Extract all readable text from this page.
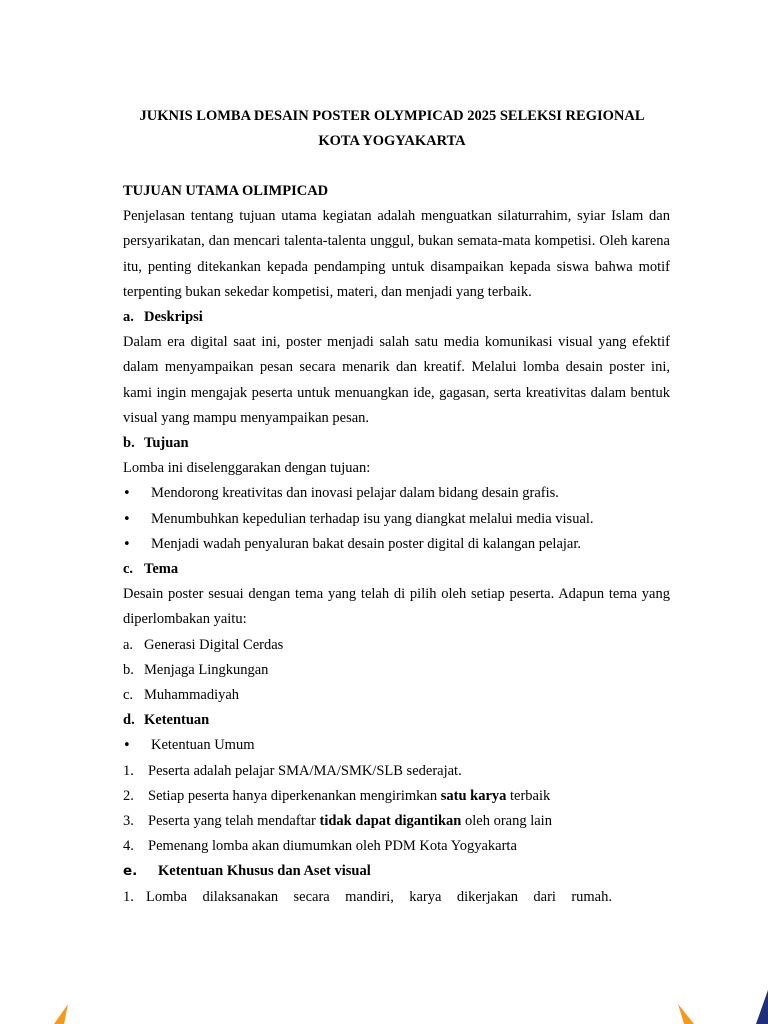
JUKNIS LOMBA DESAIN POSTER OLYMPICAD 2025 SELEKSI REGIONAL
KOTA YOGYAKARTA

TUJUAN UTAMA OLIMPICAD

Penjelasan tentang tujuan utama kegiatan adalah menguatkan silaturrahim, syiar Islam dan persyarikatan, dan mencari talenta-talenta unggul, bukan semata-mata kompetisi. Oleh karena itu, penting ditekankan kepada pendamping untuk disampaikan kepada siswa bahwa motif terpenting bukan sekedar kompetisi, materi, dan menjadi yang terbaik.

a. Deskripsi

Dalam era digital saat ini, poster menjadi salah satu media komunikasi visual yang efektif dalam menyampaikan pesan secara menarik dan kreatif. Melalui lomba desain poster ini, kami ingin mengajak peserta untuk menuangkan ide, gagasan, serta kreativitas dalam bentuk visual yang mampu menyampaikan pesan.

b. Tujuan

Lomba ini diselenggarakan dengan tujuan:

•	Mendorong kreativitas dan inovasi pelajar dalam bidang desain grafis.
•	Menumbuhkan kepedulian terhadap isu yang diangkat melalui media visual.
•	Menjadi wadah penyaluran bakat desain poster digital di kalangan pelajar.
c. Tema

Desain poster sesuai dengan tema yang telah di pilih oleh setiap peserta. Adapun tema yang diperlombakan yaitu:

a. Generasi Digital Cerdas
b. Menjaga Lingkungan
c. Muhammadiyah
d. Ketentuan
•	Ketentuan Umum
1. Peserta adalah pelajar SMA/MA/SMK/SLB sederajat.
2. Setiap peserta hanya diperkenankan mengirimkan satu karya terbaik
3. Peserta yang telah mendaftar tidak dapat digantikan oleh orang lain
4. Pemenang lomba akan diumumkan oleh PDM Kota Yogyakarta
e.	Ketentuan Khusus dan Aset visual
1. Lomba dilaksanakan secara mandiri, karya dikerjakan dari rumah.
